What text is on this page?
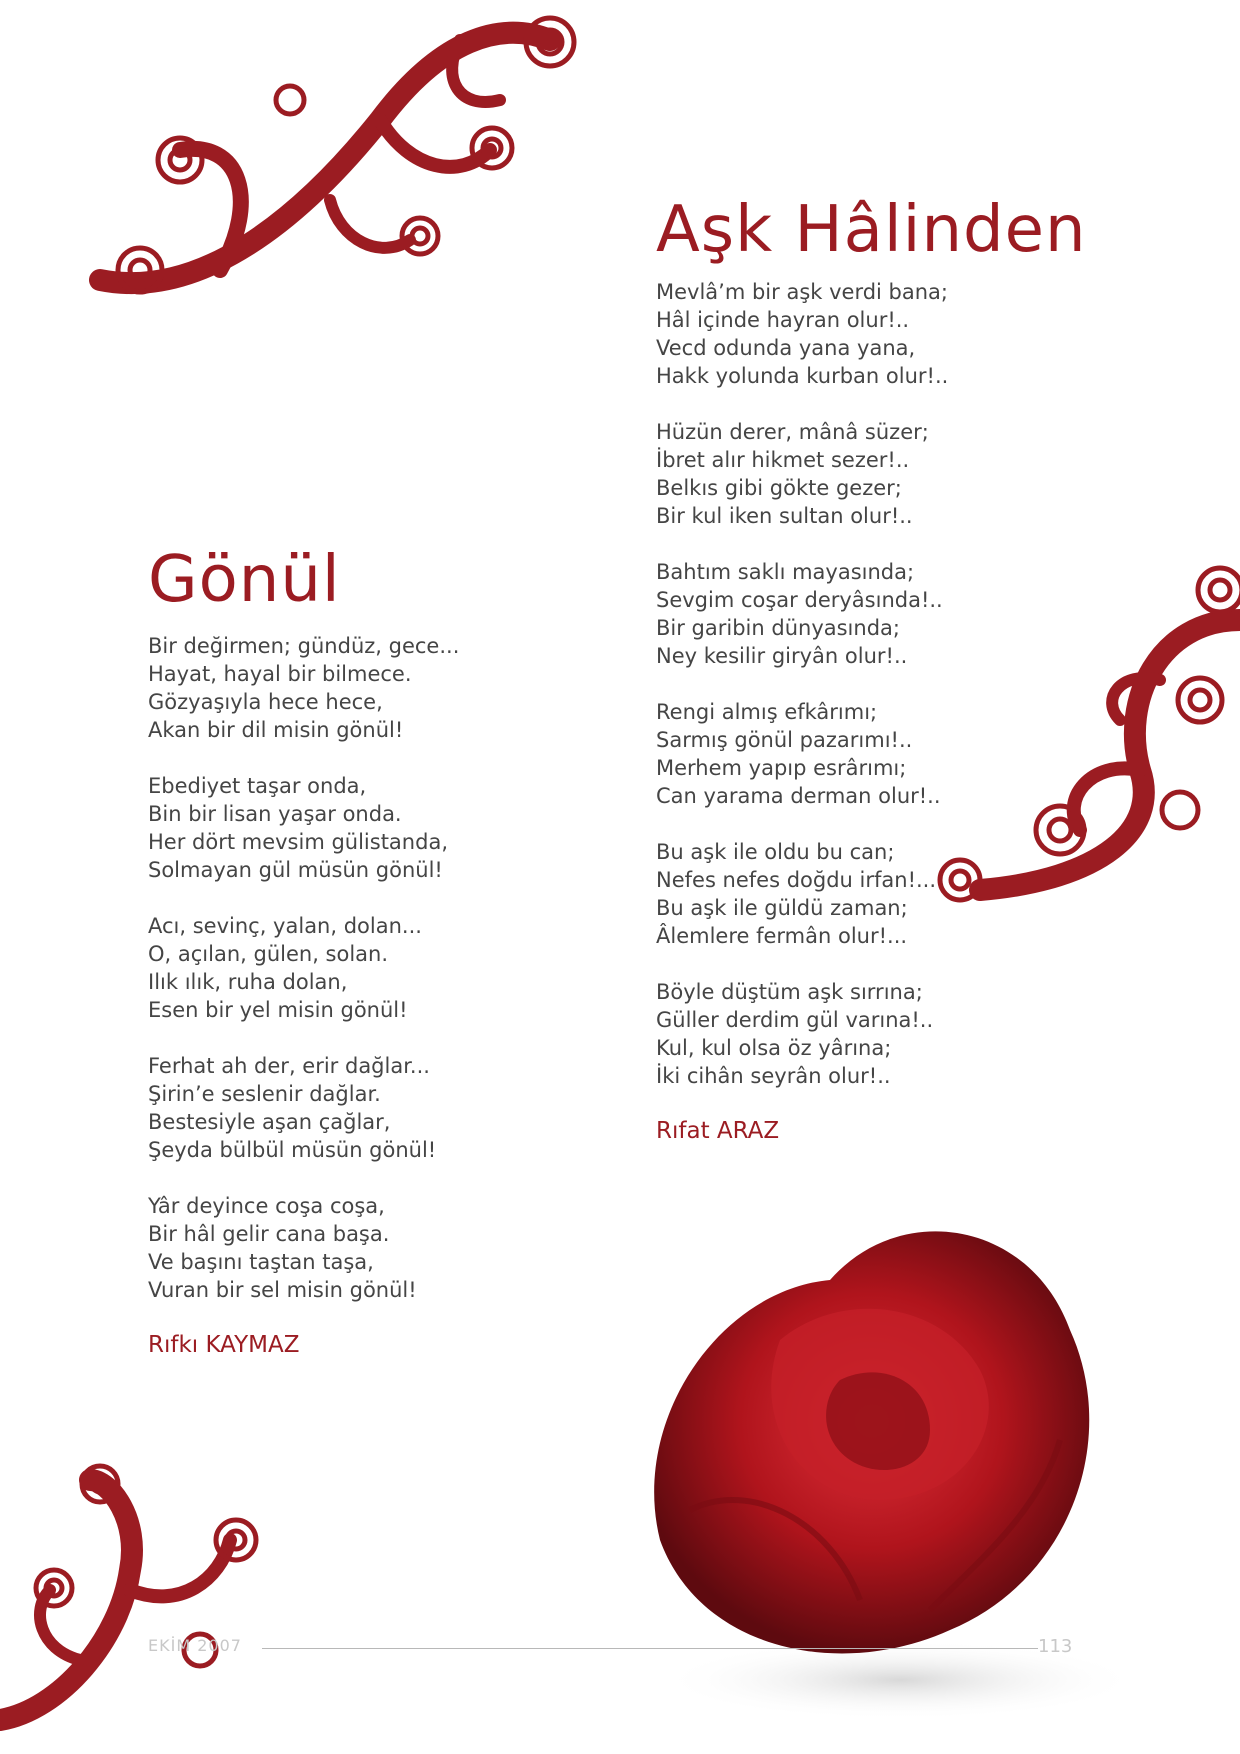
Aşk Hâlinden
Mevlâ’m bir aşk verdi bana;
Hâl içinde hayran olur!..
Vecd odunda yana yana,
Hakk yolunda kurban olur!..
Hüzün derer, mânâ süzer;
İbret alır hikmet sezer!..
Belkıs gibi gökte gezer;
Bir kul iken sultan olur!..
Bahtım saklı mayasında;
Sevgim coşar deryâsında!..
Bir garibin dünyasında;
Ney kesilir giryân olur!..
Rengi almış efkârımı;
Sarmış gönül pazarımı!..
Merhem yapıp esrârımı;
Can yarama derman olur!..
Bu aşk ile oldu bu can;
Nefes nefes doğdu irfan!...
Bu aşk ile güldü zaman;
Âlemlere fermân olur!...
Böyle düştüm aşk sırrına;
Güller derdim gül varına!..
Kul, kul olsa öz yârına;
İki cihân seyrân olur!..
Rıfat ARAZ
Gönül
Bir değirmen; gündüz, gece...
Hayat, hayal bir bilmece.
Gözyaşıyla hece hece,
Akan bir dil misin gönül!
Ebediyet taşar onda,
Bin bir lisan yaşar onda.
Her dört mevsim gülistanda,
Solmayan gül müsün gönül!
Acı, sevinç, yalan, dolan...
O, açılan, gülen, solan.
Ilık ılık, ruha dolan,
Esen bir yel misin gönül!
Ferhat ah der, erir dağlar...
Şirin’e seslenir dağlar.
Bestesiyle aşan çağlar,
Şeyda bülbül müsün gönül!
Yâr deyince coşa coşa,
Bir hâl gelir cana başa.
Ve başını taştan taşa,
Vuran bir sel misin gönül!
Rıfkı KAYMAZ
EKİM 2007	113
